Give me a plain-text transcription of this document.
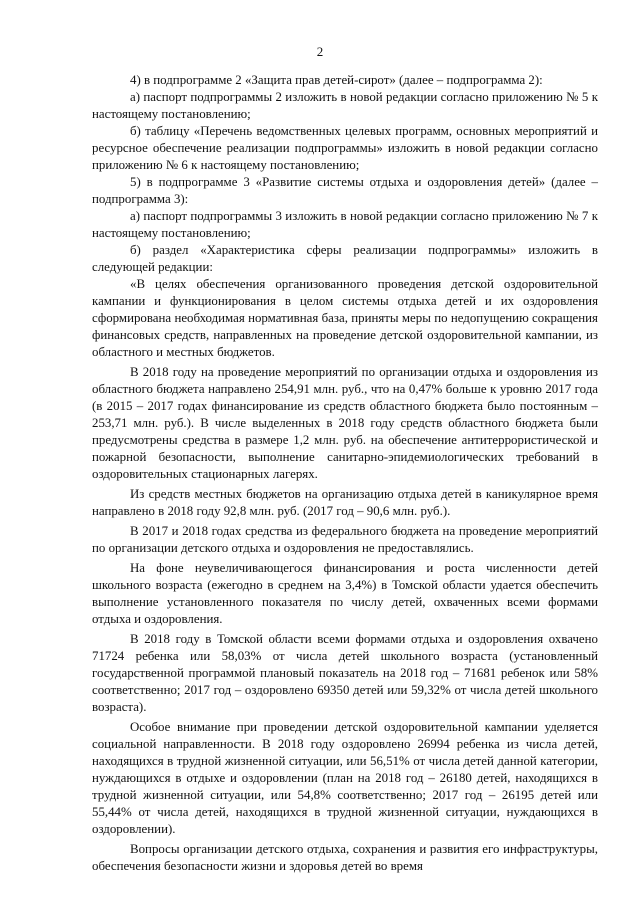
2

4) в подпрограмме 2 «Защита прав детей-сирот» (далее – подпрограмма 2):

а) паспорт подпрограммы 2 изложить в новой редакции согласно приложению № 5 к настоящему постановлению;

б) таблицу «Перечень ведомственных целевых программ, основных мероприятий и ресурсное обеспечение реализации подпрограммы» изложить в новой редакции согласно приложению № 6 к настоящему постановлению;

5) в подпрограмме 3 «Развитие системы отдыха и оздоровления детей» (далее – подпрограмма 3):

а) паспорт подпрограммы 3 изложить в новой редакции согласно приложению № 7 к настоящему постановлению;

б) раздел «Характеристика сферы реализации подпрограммы» изложить в следующей редакции:

«В целях обеспечения организованного проведения детской оздоровительной кампании и функционирования в целом системы отдыха детей и их оздоровления сформирована необходимая нормативная база, приняты меры по недопущению сокращения финансовых средств, направленных на проведение детской оздоровительной кампании, из областного и местных бюджетов.

В 2018 году на проведение мероприятий по организации отдыха и оздоровления из областного бюджета направлено 254,91 млн. руб., что на 0,47% больше к уровню 2017 года (в 2015 – 2017 годах финансирование из средств областного бюджета было постоянным – 253,71 млн. руб.). В числе выделенных в 2018 году средств областного бюджета были предусмотрены средства в размере 1,2 млн. руб. на обеспечение антитеррористической и пожарной безопасности, выполнение санитарно-эпидемиологических требований в оздоровительных стационарных лагерях.

Из средств местных бюджетов на организацию отдыха детей в каникулярное время направлено в 2018 году 92,8 млн. руб. (2017 год – 90,6 млн. руб.).

В 2017 и 2018 годах средства из федерального бюджета на проведение мероприятий по организации детского отдыха и оздоровления не предоставлялись.

На фоне неувеличивающегося финансирования и роста численности детей школьного возраста (ежегодно в среднем на 3,4%) в Томской области удается обеспечить выполнение установленного показателя по числу детей, охваченных всеми формами отдыха и оздоровления.

В 2018 году в Томской области всеми формами отдыха и оздоровления охвачено 71724 ребенка или 58,03% от числа детей школьного возраста (установленный государственной программой плановый показатель на 2018 год – 71681 ребенок или 58% соответственно; 2017 год – оздоровлено 69350 детей или 59,32% от числа детей школьного возраста).

Особое внимание при проведении детской оздоровительной кампании уделяется социальной направленности. В 2018 году оздоровлено 26994 ребенка из числа детей, находящихся в трудной жизненной ситуации, или 56,51% от числа детей данной категории, нуждающихся в отдыхе и оздоровлении (план на 2018 год – 26180 детей, находящихся в трудной жизненной ситуации, или 54,8% соответственно; 2017 год – 26195 детей или 55,44% от числа детей, находящихся в трудной жизненной ситуации, нуждающихся в оздоровлении).

Вопросы организации детского отдыха, сохранения и развития его инфраструктуры, обеспечения безопасности жизни и здоровья детей во время
